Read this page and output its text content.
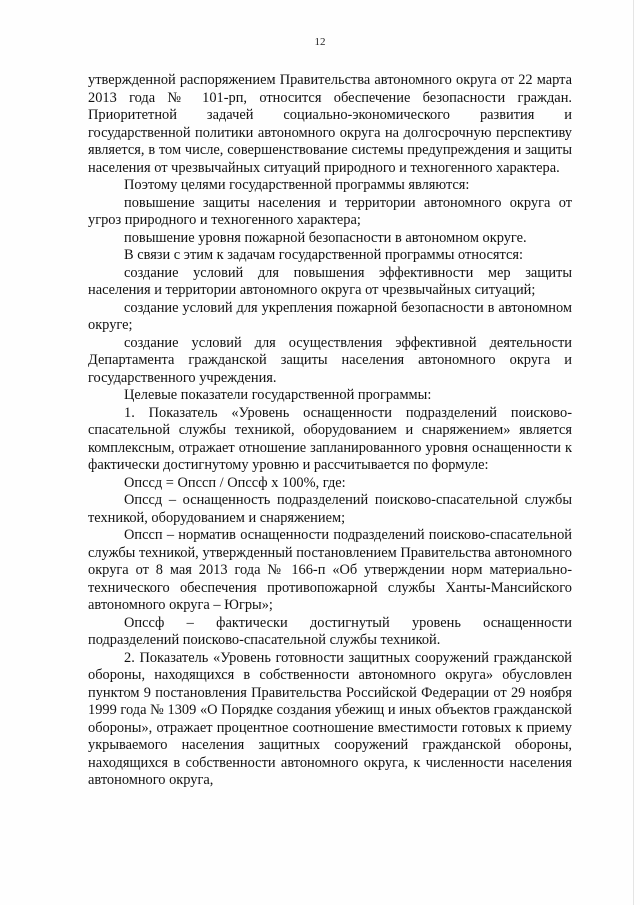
12

утвержденной распоряжением Правительства автономного округа от 22 марта 2013 года № 101-рп, относится обеспечение безопасности граждан. Приоритетной задачей социально-экономического развития и государственной политики автономного округа на долгосрочную перспективу является, в том числе, совершенствование системы предупреждения и защиты населения от чрезвычайных ситуаций природного и техногенного характера.

Поэтому целями государственной программы являются:

повышение защиты населения и территории автономного округа от угроз природного и техногенного характера;

повышение уровня пожарной безопасности в автономном округе.

В связи с этим к задачам государственной программы относятся:

создание условий для повышения эффективности мер защиты населения и территории автономного округа от чрезвычайных ситуаций;

создание условий для укрепления пожарной безопасности в автономном округе;

создание условий для осуществления эффективной деятельности Департамента гражданской защиты населения автономного округа и государственного учреждения.

Целевые показатели государственной программы:

1. Показатель «Уровень оснащенности подразделений поисково-спасательной службы техникой, оборудованием и снаряжением» является комплексным, отражает отношение запланированного уровня оснащенности к фактически достигнутому уровню и рассчитывается по формуле:

Опссд = Опссп / Опссф х 100%, где:

Опссд – оснащенность подразделений поисково-спасательной службы техникой, оборудованием и снаряжением;

Опссп – норматив оснащенности подразделений поисково-спасательной службы техникой, утвержденный постановлением Правительства автономного округа от 8 мая 2013 года № 166-п «Об утверждении норм материально-технического обеспечения противопожарной службы Ханты-Мансийского автономного округа – Югры»;

Опссф – фактически достигнутый уровень оснащенности подразделений поисково-спасательной службы техникой.

2. Показатель «Уровень готовности защитных сооружений гражданской обороны, находящихся в собственности автономного округа» обусловлен пунктом 9 постановления Правительства Российской Федерации от 29 ноября 1999 года № 1309 «О Порядке создания убежищ и иных объектов гражданской обороны», отражает процентное соотношение вместимости готовых к приему укрываемого населения защитных сооружений гражданской обороны, находящихся в собственности автономного округа, к численности населения автономного округа,
